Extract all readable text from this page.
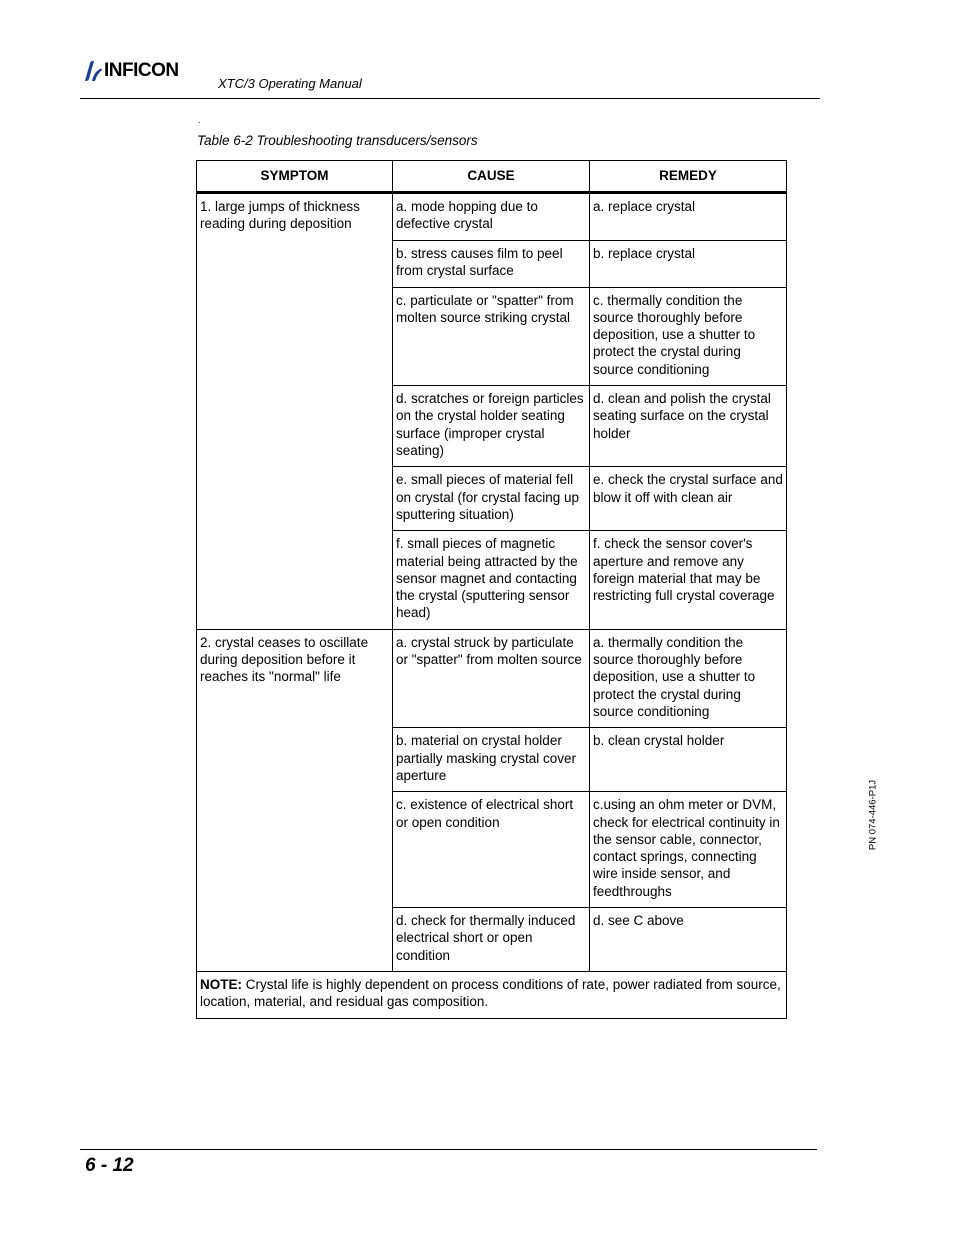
INFICON
XTC/3 Operating Manual
.
Table 6-2 Troubleshooting transducers/sensors
SYMPTOM	CAUSE	REMEDY
1. large jumps of thickness reading during deposition	a. mode hopping due to defective crystal	a. replace crystal
	b. stress causes film to peel from crystal surface	b. replace crystal
	c. particulate or "spatter" from molten source striking crystal	c. thermally condition the source thoroughly before deposition, use a shutter to protect the crystal during source conditioning
	d. scratches or foreign particles on the crystal holder seating surface (improper crystal seating)	d. clean and polish the crystal seating surface on the crystal holder
	e. small pieces of material fell on crystal (for crystal facing up sputtering situation)	e. check the crystal surface and blow it off with clean air
	f. small pieces of magnetic material being attracted by the sensor magnet and contacting the crystal (sputtering sensor head)	f. check the sensor cover's aperture and remove any foreign material that may be restricting full crystal coverage
2. crystal ceases to oscillate during deposition before it reaches its "normal" life	a. crystal struck by particulate or "spatter" from molten source	a. thermally condition the source thoroughly before deposition, use a shutter to protect the crystal during source conditioning
	b. material on crystal holder partially masking crystal cover aperture	b. clean crystal holder
	c. existence of electrical short or open condition	c.using an ohm meter or DVM, check for electrical continuity in the sensor cable, connector, contact springs, connecting wire inside sensor, and feedthroughs
	d. check for thermally induced electrical short or open condition	d. see C above
NOTE: Crystal life is highly dependent on process conditions of rate, power radiated from source, location, material, and residual gas composition.		
PN 074-446-P1J
6 - 12
